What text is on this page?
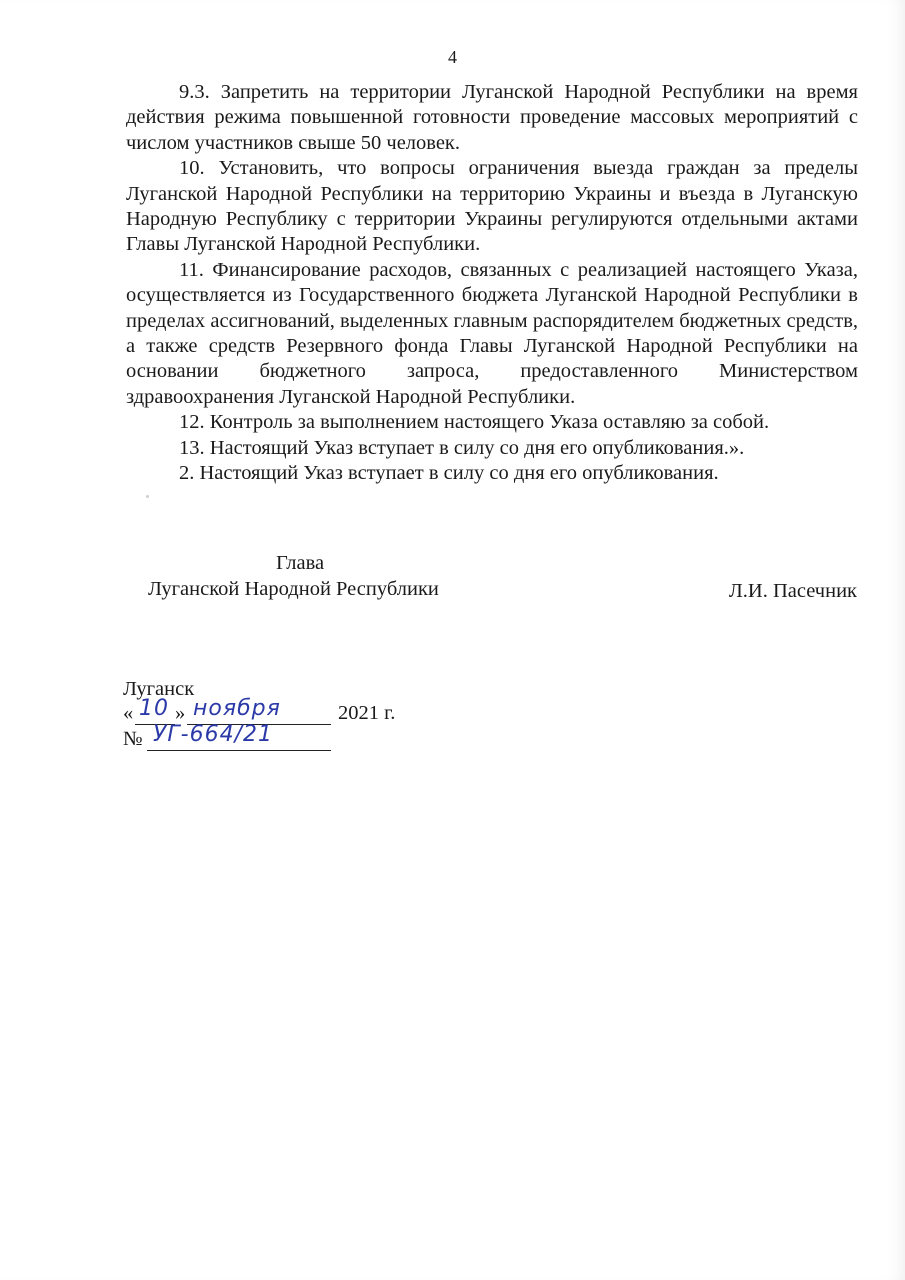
4

9.3. Запретить на территории Луганской Народной Республики на время действия режима повышенной готовности проведение массовых мероприятий с числом участников свыше 50 человек.

10. Установить, что вопросы ограничения выезда граждан за пределы Луганской Народной Республики на территорию Украины и въезда в Луганскую Народную Республику с территории Украины регулируются отдельными актами Главы Луганской Народной Республики.

11. Финансирование расходов, связанных с реализацией настоящего Указа, осуществляется из Государственного бюджета Луганской Народной Республики в пределах ассигнований, выделенных главным распорядителем бюджетных средств, а также средств Резервного фонда Главы Луганской Народной Республики на основании бюджетного запроса, предоставленного Министерством здравоохранения Луганской Народной Республики.

12. Контроль за выполнением настоящего Указа оставляю за собой.

13. Настоящий Указ вступает в силу со дня его опубликования.».

2. Настоящий Указ вступает в силу со дня его опубликования.

Глава
Луганской Народной Республики	Л.И. Пасечник
Луганск
« 10 » ноября	2021 г.
№ УГ-664/21
